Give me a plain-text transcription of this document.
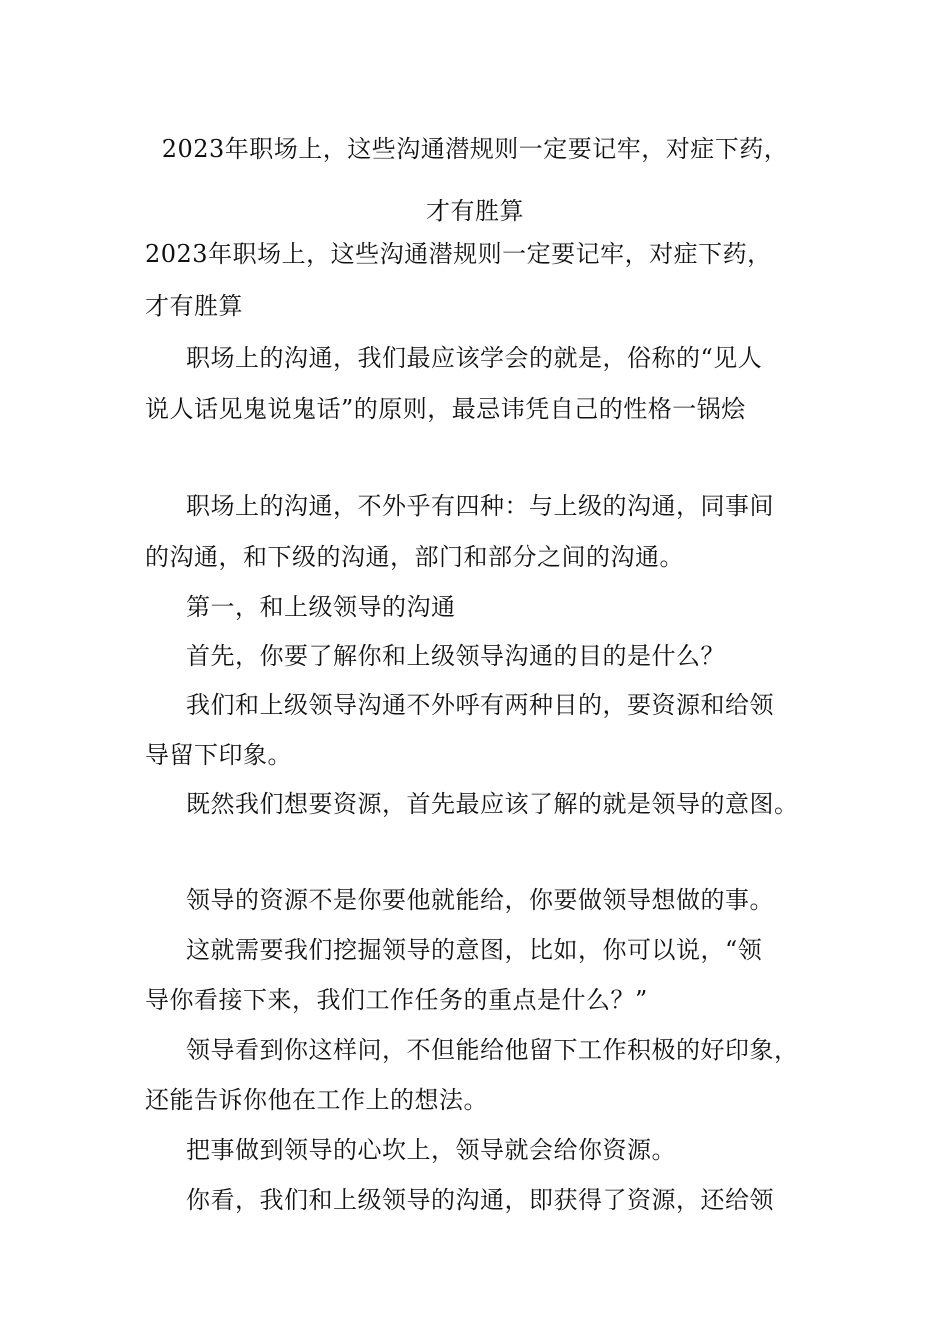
2023年职场上，这些沟通潜规则一定要记牢，对症下药，
才有胜算
2023年职场上，这些沟通潜规则一定要记牢，对症下药，
才有胜算
职场上的沟通，我们最应该学会的就是，俗称的“见人
说人话见鬼说鬼话”的原则，最忌讳凭自己的性格一锅烩
职场上的沟通，不外乎有四种：与上级的沟通，同事间
的沟通，和下级的沟通，部门和部分之间的沟通。
第一，和上级领导的沟通
首先，你要了解你和上级领导沟通的目的是什么？
我们和上级领导沟通不外呼有两种目的，要资源和给领
导留下印象。
既然我们想要资源，首先最应该了解的就是领导的意图。
领导的资源不是你要他就能给，你要做领导想做的事。
这就需要我们挖掘领导的意图，比如，你可以说，“领
导你看接下来，我们工作任务的重点是什么？”
领导看到你这样问，不但能给他留下工作积极的好印象，
还能告诉你他在工作上的想法。
把事做到领导的心坎上，领导就会给你资源。
你看，我们和上级领导的沟通，即获得了资源，还给领
